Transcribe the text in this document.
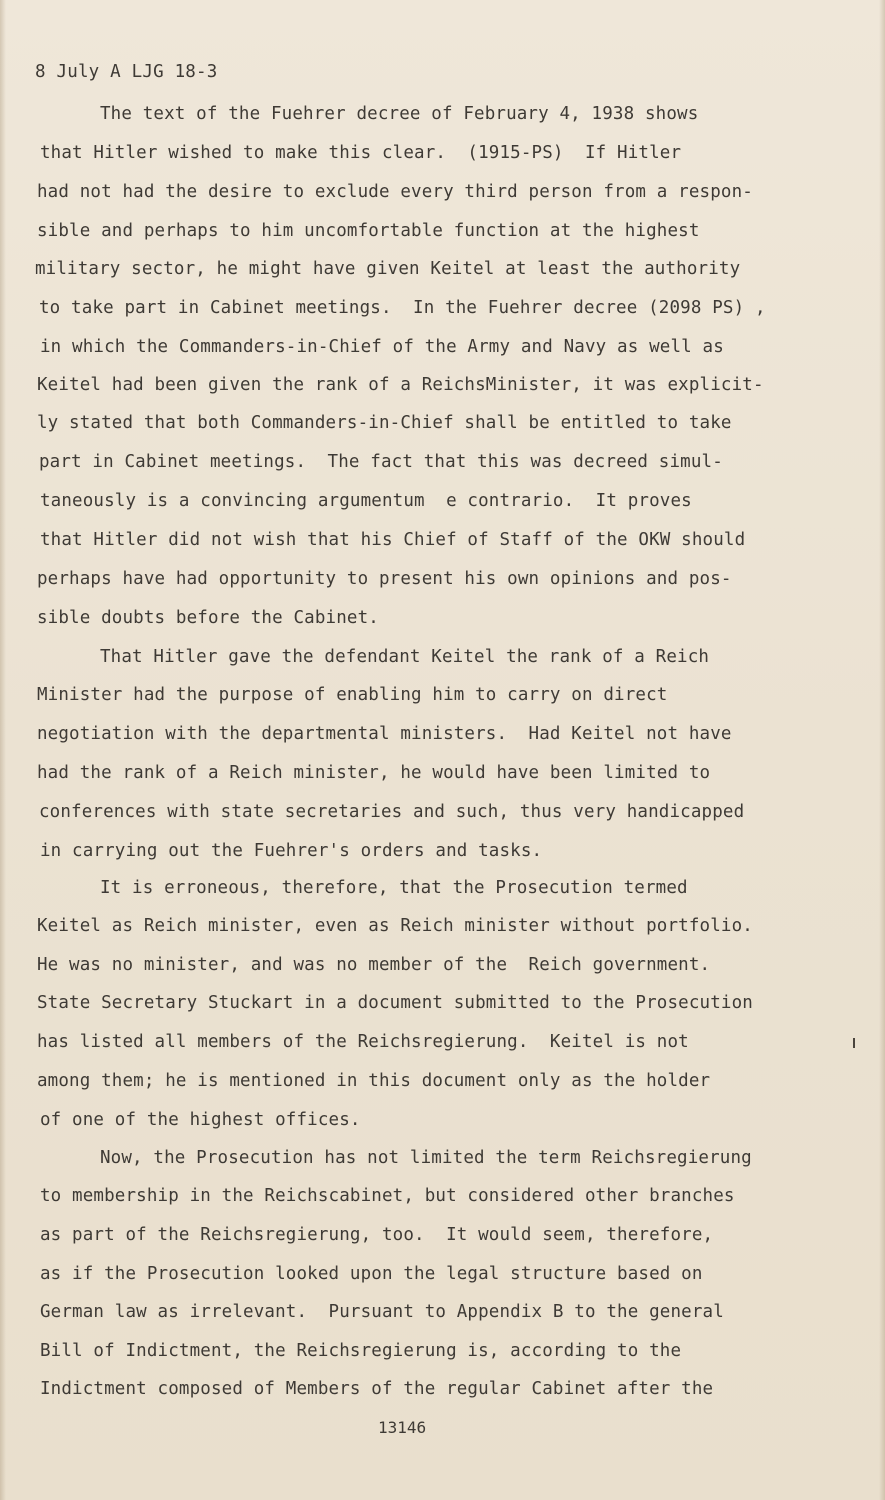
8 July A LJG 18-3
The text of the Fuehrer decree of February 4, 1938 shows
that Hitler wished to make this clear.  (1915-PS)  If Hitler
had not had the desire to exclude every third person from a respon-
sible and perhaps to him uncomfortable function at the highest
military sector, he might have given Keitel at least the authority
to take part in Cabinet meetings.  In the Fuehrer decree (2098 PS) ,
in which the Commanders-in-Chief of the Army and Navy as well as
Keitel had been given the rank of a ReichsMinister, it was explicit-
ly stated that both Commanders-in-Chief shall be entitled to take
part in Cabinet meetings.  The fact that this was decreed simul-
taneously is a convincing argumentum  e contrario.  It proves
that Hitler did not wish that his Chief of Staff of the OKW should
perhaps have had opportunity to present his own opinions and pos-
sible doubts before the Cabinet.
That Hitler gave the defendant Keitel the rank of a Reich
Minister had the purpose of enabling him to carry on direct
negotiation with the departmental ministers.  Had Keitel not have
had the rank of a Reich minister, he would have been limited to
conferences with state secretaries and such, thus very handicapped
in carrying out the Fuehrer's orders and tasks.
It is erroneous, therefore, that the Prosecution termed
Keitel as Reich minister, even as Reich minister without portfolio.
He was no minister, and was no member of the  Reich government.
State Secretary Stuckart in a document submitted to the Prosecution
has listed all members of the Reichsregierung.  Keitel is not
among them; he is mentioned in this document only as the holder
of one of the highest offices.
Now, the Prosecution has not limited the term Reichsregierung
to membership in the Reichscabinet, but considered other branches
as part of the Reichsregierung, too.  It would seem, therefore,
as if the Prosecution looked upon the legal structure based on
German law as irrelevant.  Pursuant to Appendix B to the general
Bill of Indictment, the Reichsregierung is, according to the
Indictment composed of Members of the regular Cabinet after the
13146
